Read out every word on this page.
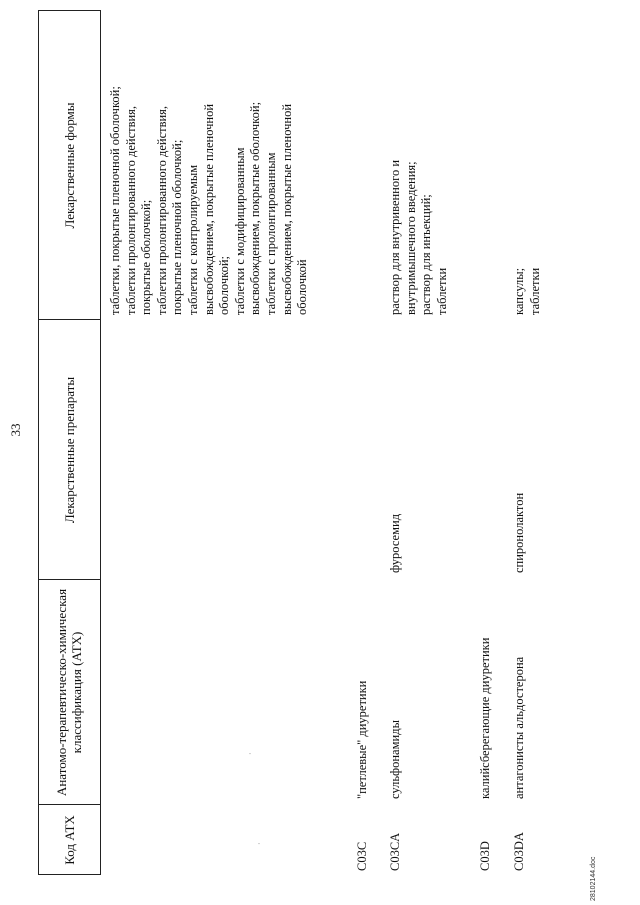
33
Код АТХ
Анатомо-терапевтическо-химическая классификация (АТХ)
Лекарственные препараты
Лекарственные формы	таблетки, покрытые пленочной оболочкой; таблетки пролонгированного действия, покрытые оболочкой; таблетки пролонгированного действия, покрытые пленочной оболочкой; таблетки с контролируемым высвобождением, покрытые пленочной оболочкой; таблетки с модифицированным высвобождением, покрытые оболочкой; таблетки с пролонгированным высвобождением, покрытые пленочной оболочкой
C03C
"петлевые" диуретики
C03CA
сульфонамиды
фуросемид
раствор для внутривенного и внутримышечного введения; раствор для инъекций; таблетки
C03D
калийсберегающие диуретики
C03DA
антагонисты альдостерона
спиронолактон
капсулы; таблетки
·
·
28102144.doc
